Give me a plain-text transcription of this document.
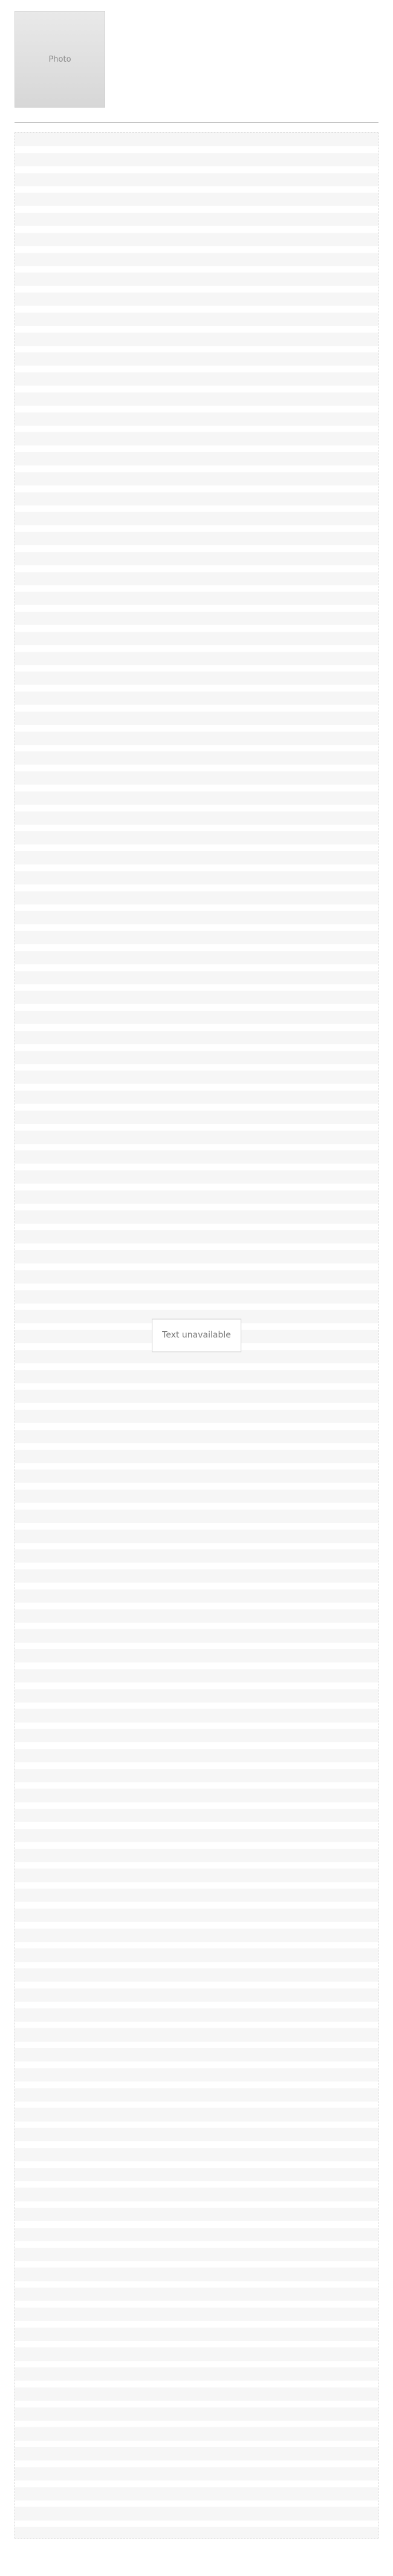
Photo
Text unavailable
